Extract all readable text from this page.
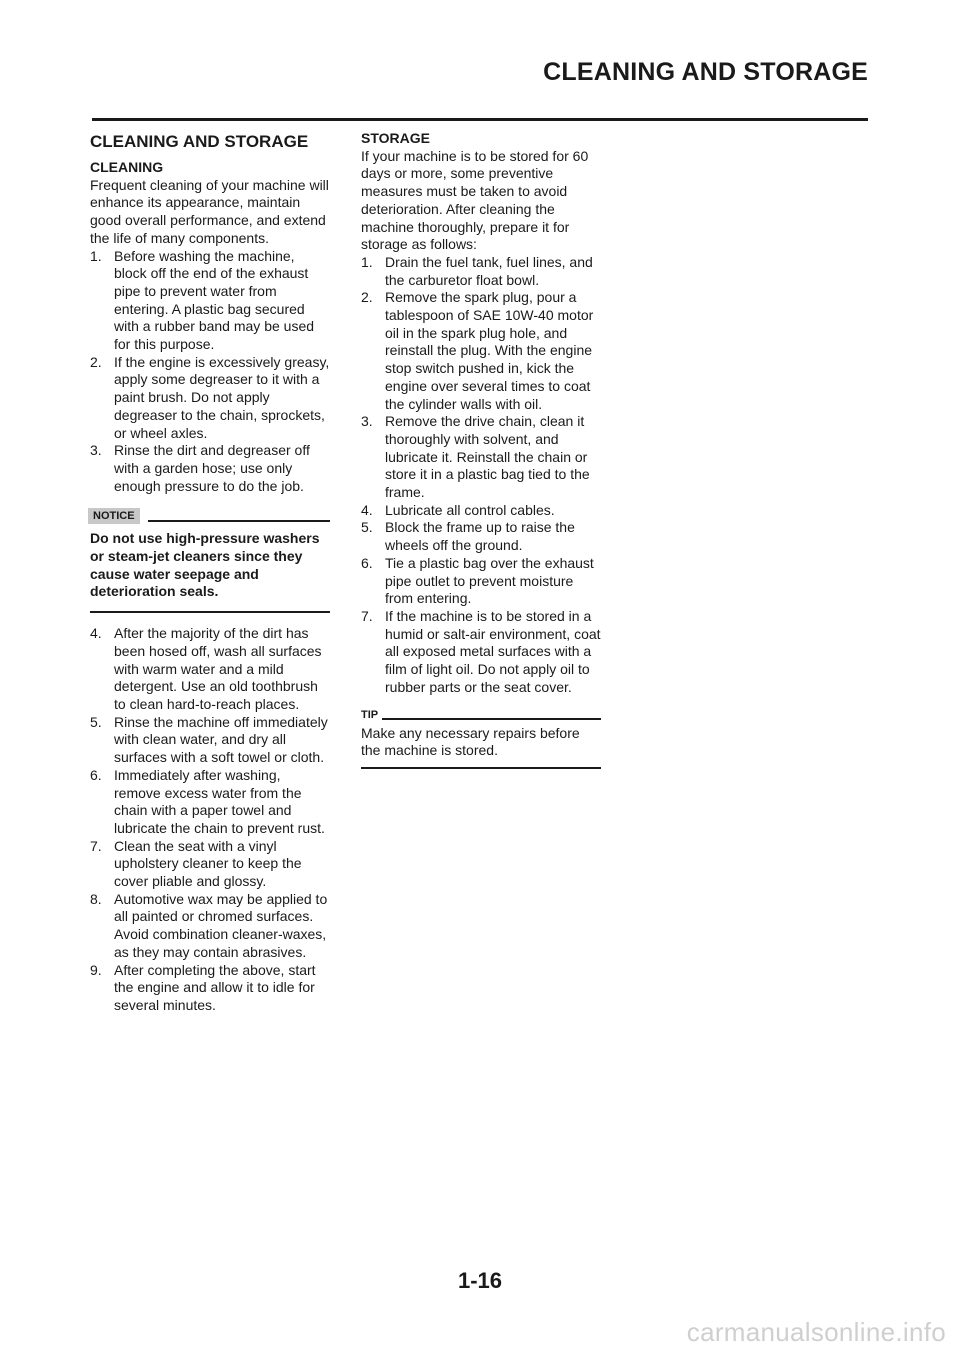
CLEANING AND STORAGE
CLEANING AND STORAGE
CLEANING

Frequent cleaning of your machine will enhance its appearance, maintain good overall performance, and extend the life of many components.

1. Before washing the machine, block off the end of the exhaust pipe to prevent water from entering. A plastic bag secured with a rubber band may be used for this purpose.
2. If the engine is excessively greasy, apply some degreaser to it with a paint brush. Do not apply degreaser to the chain, sprockets, or wheel axles.
3. Rinse the dirt and degreaser off with a garden hose; use only enough pressure to do the job.
NOTICE

Do not use high-pressure washers or steam-jet cleaners since they cause water seepage and deterioration seals.

4. After the majority of the dirt has been hosed off, wash all surfaces with warm water and a mild detergent. Use an old toothbrush to clean hard-to-reach places.
5. Rinse the machine off immediately with clean water, and dry all surfaces with a soft towel or cloth.
6. Immediately after washing, remove excess water from the chain with a paper towel and lubricate the chain to prevent rust.
7. Clean the seat with a vinyl upholstery cleaner to keep the cover pliable and glossy.
8. Automotive wax may be applied to all painted or chromed surfaces. Avoid combination cleaner-waxes, as they may contain abrasives.
9. After completing the above, start the engine and allow it to idle for several minutes.
STORAGE

If your machine is to be stored for 60 days or more, some preventive measures must be taken to avoid deterioration. After cleaning the machine thoroughly, prepare it for storage as follows:

1. Drain the fuel tank, fuel lines, and the carburetor float bowl.
2. Remove the spark plug, pour a tablespoon of SAE 10W-40 motor oil in the spark plug hole, and reinstall the plug. With the engine stop switch pushed in, kick the engine over several times to coat the cylinder walls with oil.
3. Remove the drive chain, clean it thoroughly with solvent, and lubricate it. Reinstall the chain or store it in a plastic bag tied to the frame.
4. Lubricate all control cables.
5. Block the frame up to raise the wheels off the ground.
6. Tie a plastic bag over the exhaust pipe outlet to prevent moisture from entering.
7. If the machine is to be stored in a humid or salt-air environment, coat all exposed metal surfaces with a film of light oil. Do not apply oil to rubber parts or the seat cover.
TIP

Make any necessary repairs before the machine is stored.

1-16
carmanualsonline.info
